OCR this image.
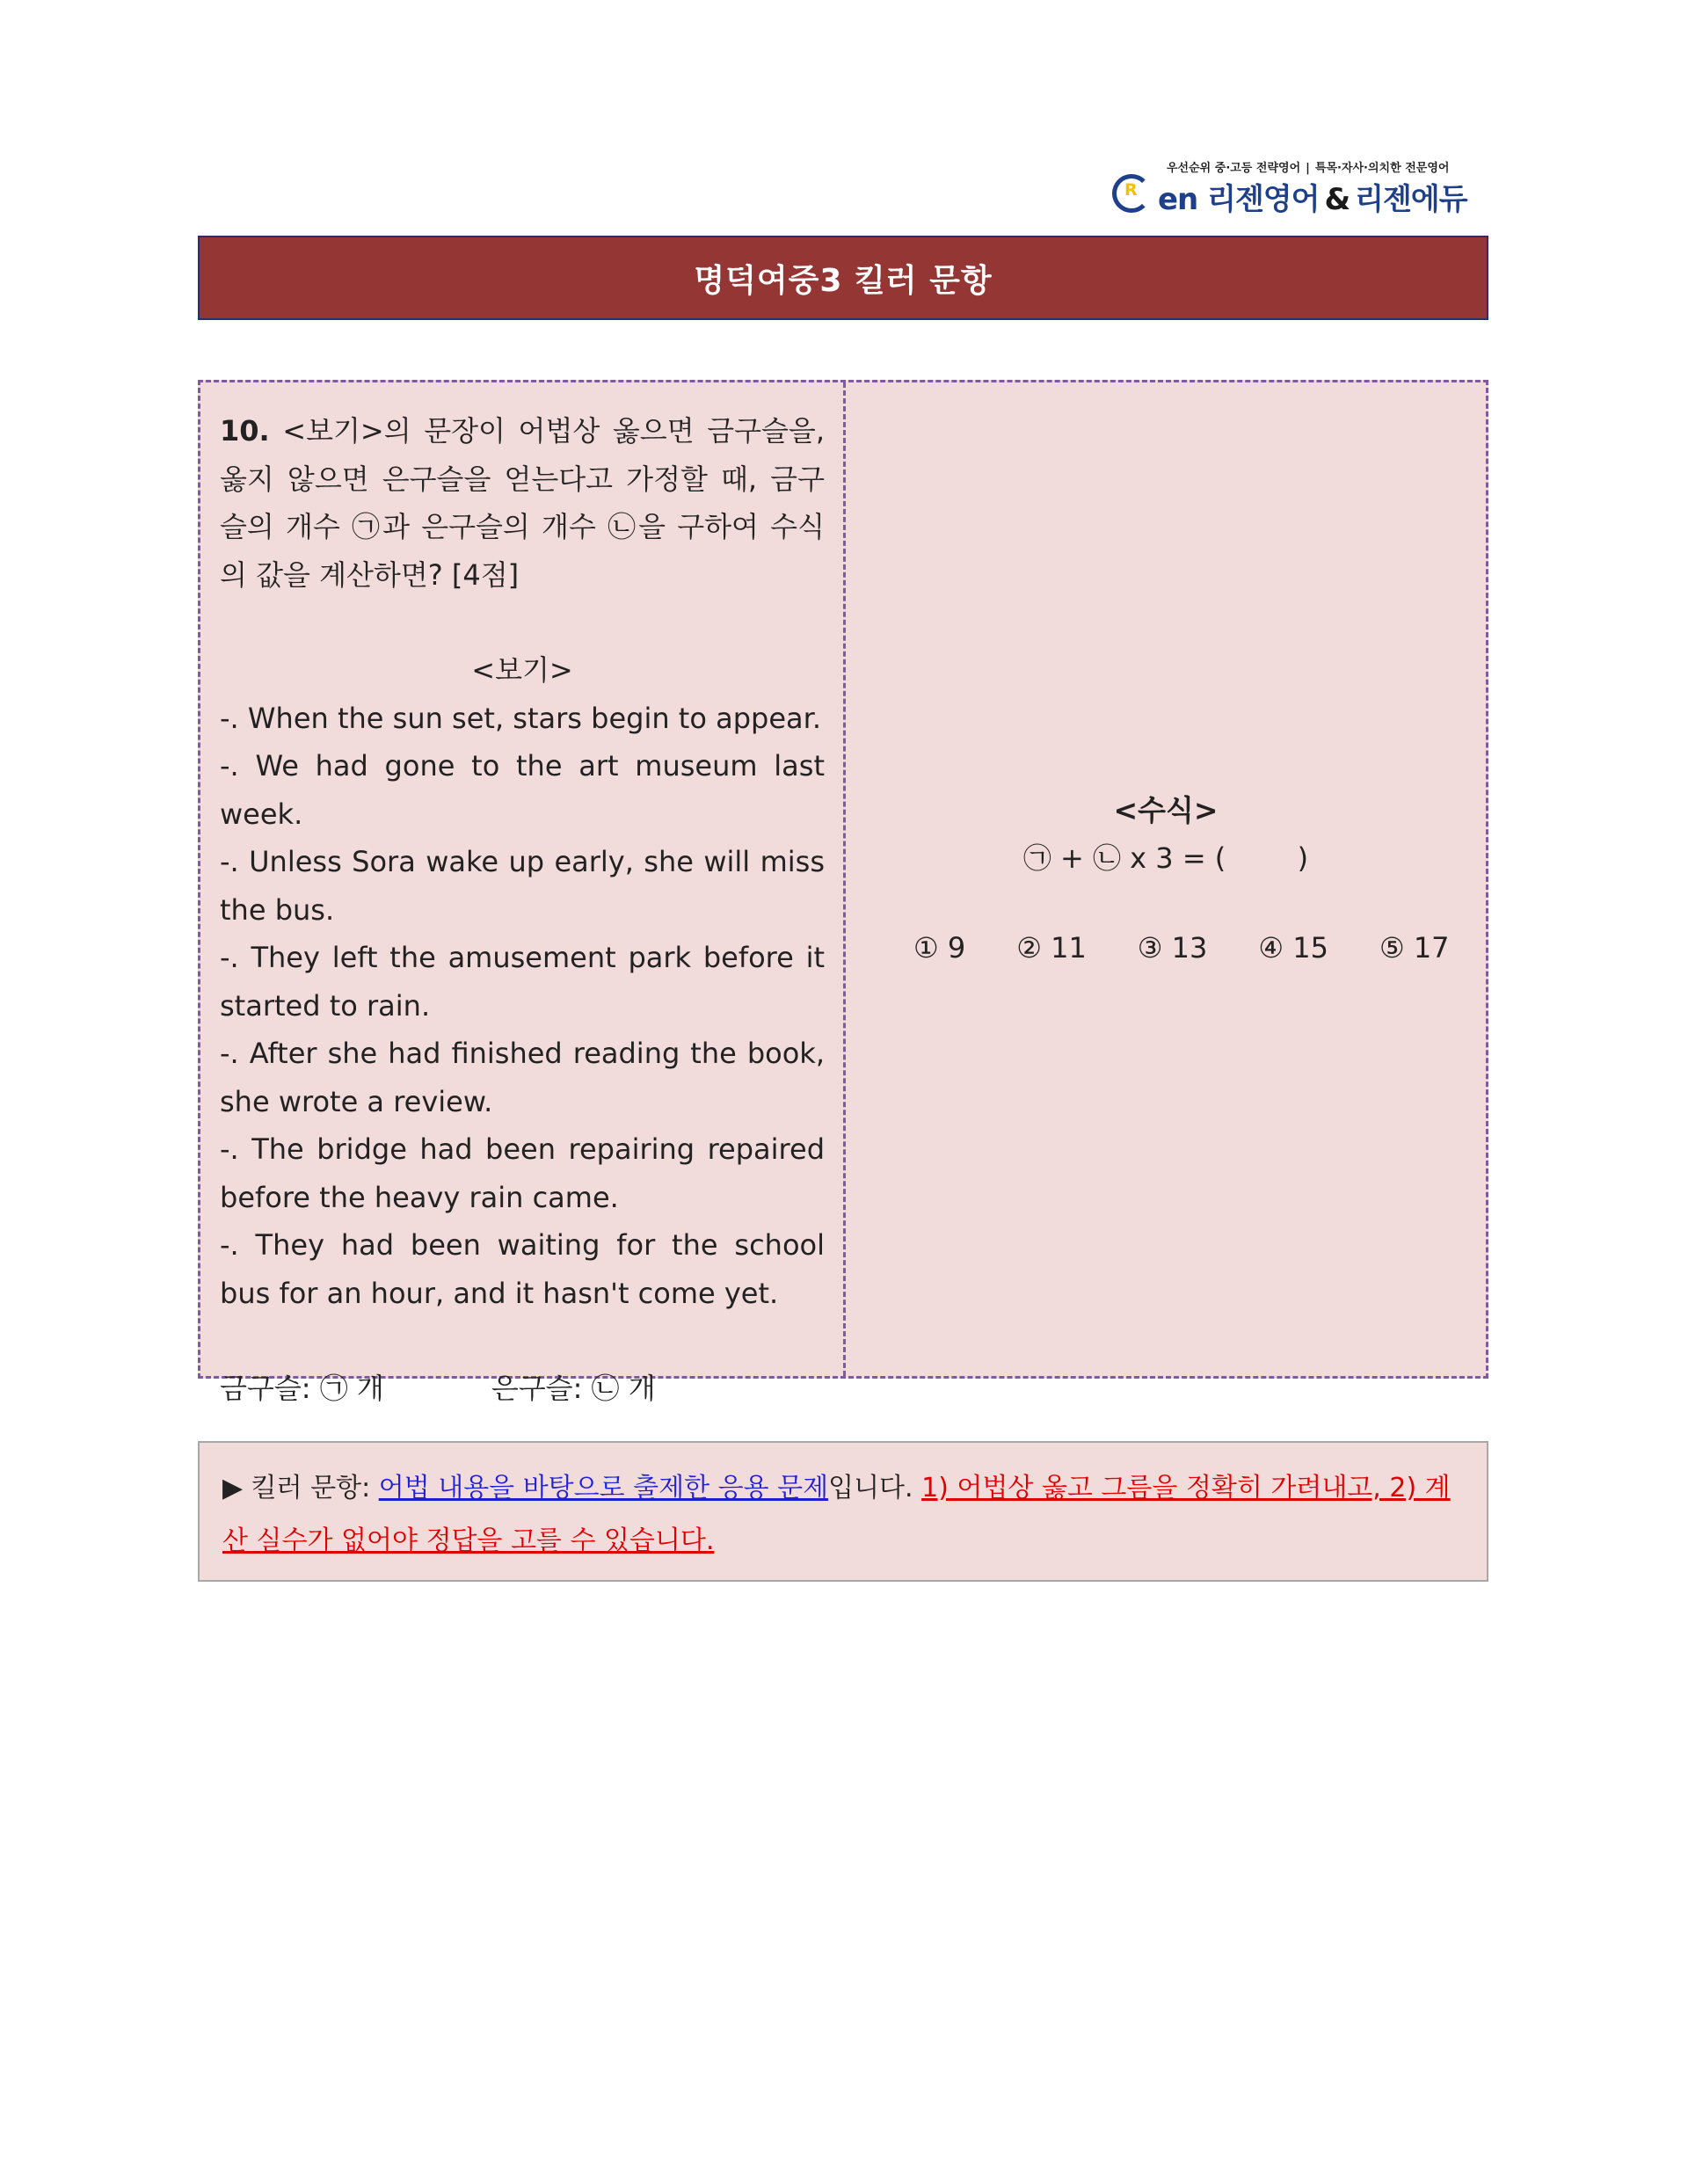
우선순위 중·고등 전략영어 | 특목·자사·의치한 전문영어
R en 리젠영어 & 리젠에듀
명덕여중3 킬러 문항

10. <보기>의 문장이 어법상 옳으면 금구슬을, 옳지 않으면 은구슬을 얻는다고 가정할 때, 금구슬의 개수 ㉠과 은구슬의 개수 ㉡을 구하여 수식의 값을 계산하면? [4점]

<보기>

-. When the sun set, stars begin to appear.

-. We had gone to the art museum last week.

-. Unless Sora wake up early, she will miss the bus.

-. They left the amusement park before it started to rain.

-. After she had finished reading the book, she wrote a review.

-. The bridge had been repairing repaired before the heavy rain came.

-. They had been waiting for the school bus for an hour, and it hasn't come yet.

금구슬: ㉠ 개	은구슬: ㉡ 개

<수식>
㉠ + ㉡ x 3 = (        )
① 9 ② 11 ③ 13 ④ 15 ⑤ 17
▶ 킬러 문항: 어법 내용을 바탕으로 출제한 응용 문제입니다. 1) 어법상 옳고 그름을 정확히 가려내고, 2) 계산 실수가 없어야 정답을 고를 수 있습니다.
